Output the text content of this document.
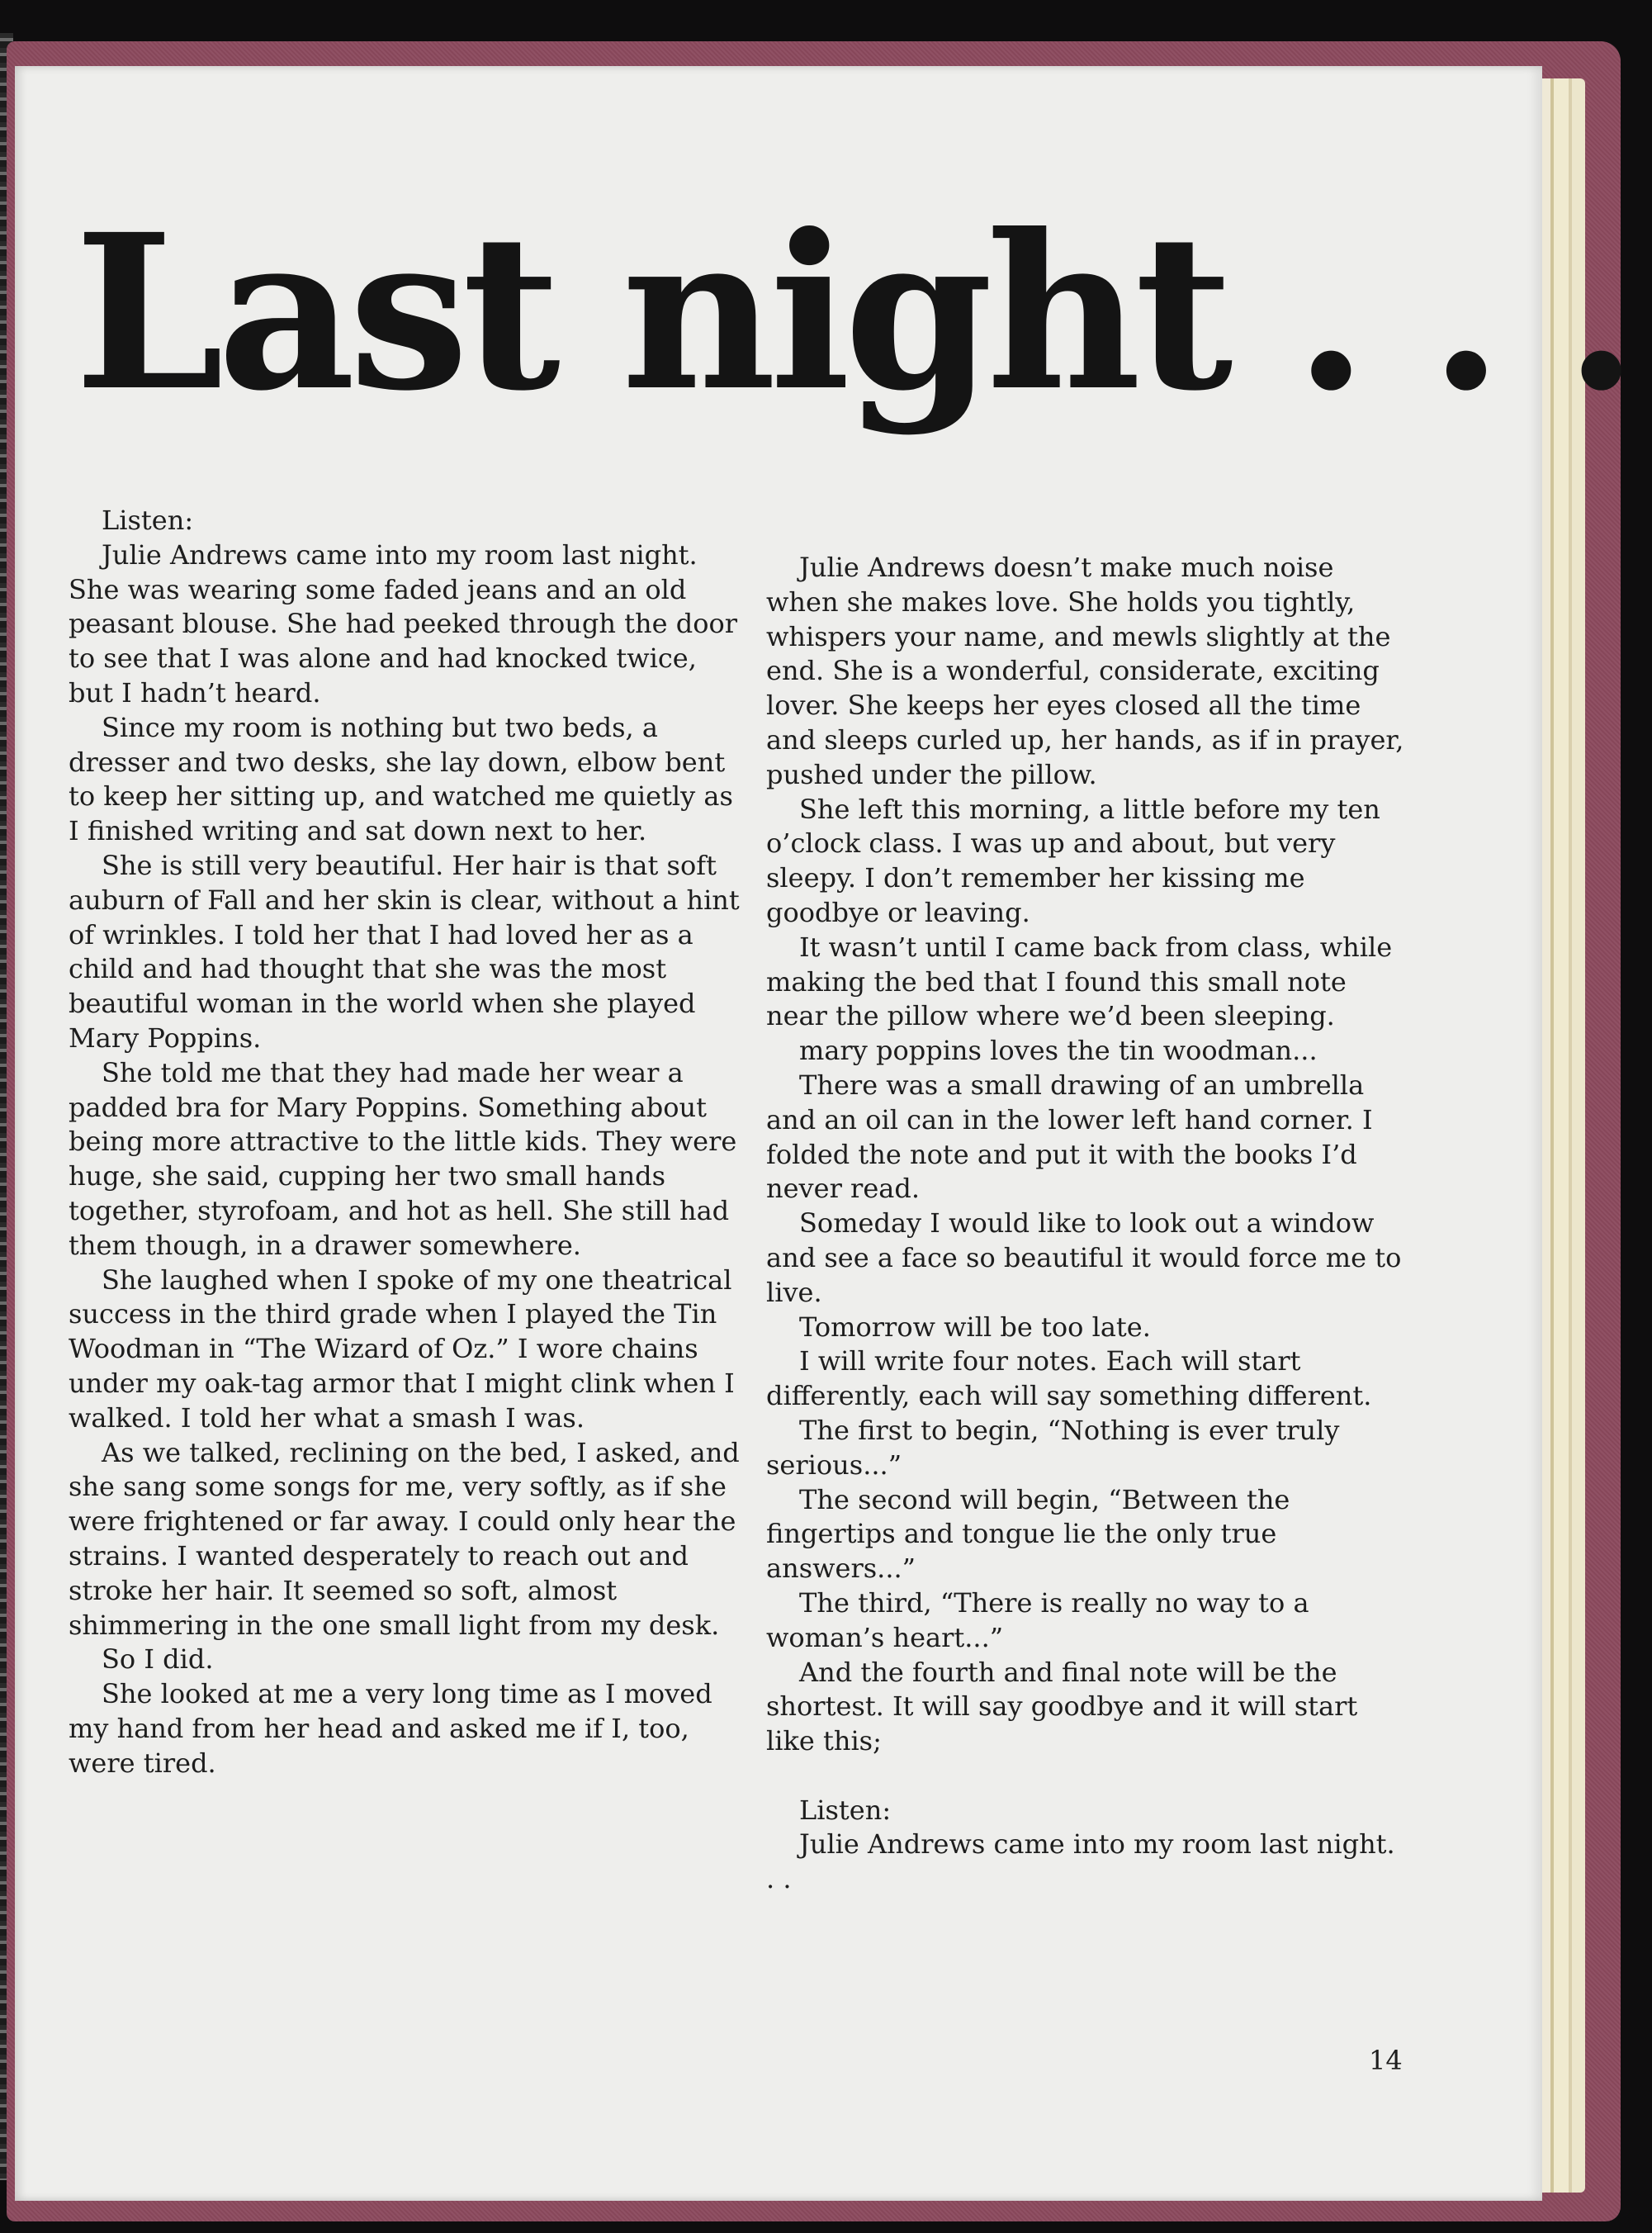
Last night . . .

Listen:

Julie Andrews came into my room last night. She was wearing some faded jeans and an old peasant blouse. She had peeked through the door to see that I was alone and had knocked twice, but I hadn’t heard.

Since my room is nothing but two beds, a dresser and two desks, she lay down, elbow bent to keep her sitting up, and watched me quietly as I finished writing and sat down next to her.

She is still very beautiful. Her hair is that soft auburn of Fall and her skin is clear, without a hint of wrinkles. I told her that I had loved her as a child and had thought that she was the most beautiful woman in the world when she played Mary Poppins.

She told me that they had made her wear a padded bra for Mary Poppins. Something about being more attractive to the little kids. They were huge, she said, cupping her two small hands together, styrofoam, and hot as hell. She still had them though, in a drawer somewhere.

She laughed when I spoke of my one theatrical success in the third grade when I played the Tin Woodman in “The Wizard of Oz.” I wore chains under my oak-tag armor that I might clink when I walked. I told her what a smash I was.

As we talked, reclining on the bed, I asked, and she sang some songs for me, very softly, as if she were frightened or far away. I could only hear the strains. I wanted desperately to reach out and stroke her hair. It seemed so soft, almost shimmering in the one small light from my desk.

So I did.

She looked at me a very long time as I moved my hand from her head and asked me if I, too, were tired.

Julie Andrews doesn’t make much noise when she makes love. She holds you tightly, whispers your name, and mewls slightly at the end. She is a wonderful, considerate, exciting lover. She keeps her eyes closed all the time and sleeps curled up, her hands, as if in prayer, pushed under the pillow.

She left this morning, a little before my ten o’clock class. I was up and about, but very sleepy. I don’t remember her kissing me goodbye or leaving.

It wasn’t until I came back from class, while making the bed that I found this small note near the pillow where we’d been sleeping.

mary poppins loves the tin woodman...

There was a small drawing of an umbrella and an oil can in the lower left hand corner. I folded the note and put it with the books I’d never read.

Someday I would like to look out a window and see a face so beautiful it would force me to live.

Tomorrow will be too late.

I will write four notes. Each will start differently, each will say something different.

The first to begin, “Nothing is ever truly serious...”

The second will begin, “Between the fingertips and tongue lie the only true answers...”

The third, “There is really no way to a woman’s heart...”

And the fourth and final note will be the shortest. It will say goodbye and it will start like this;

Listen:

Julie Andrews came into my room last night. . .

14
